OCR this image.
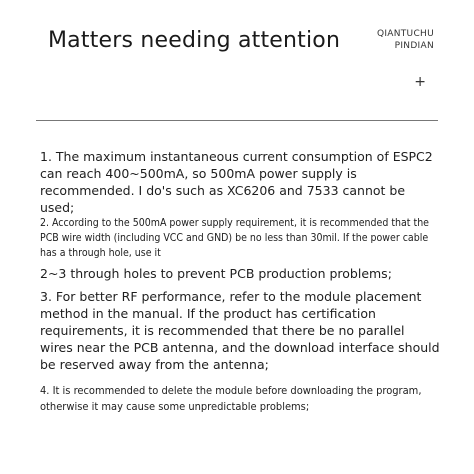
Matters needing attention	QIANTUCHU
PINDIAN
+

1. The maximum instantaneous current consumption of ESPC2 can reach 400~500mA, so 500mA power supply is recommended. I do's such as XC6206 and 7533 cannot be used;

2. According to the 500mA power supply requirement, it is recommended that the PCB wire width (including VCC and GND) be no less than 30mil. If the power cable has a through hole, use it

2~3 through holes to prevent PCB production problems;

3. For better RF performance, refer to the module placement method in the manual. If the product has certification requirements, it is recommended that there be no parallel wires near the PCB antenna, and the download interface should be reserved away from the antenna;

4. It is recommended to delete the module before downloading the program, otherwise it may cause some unpredictable problems;
